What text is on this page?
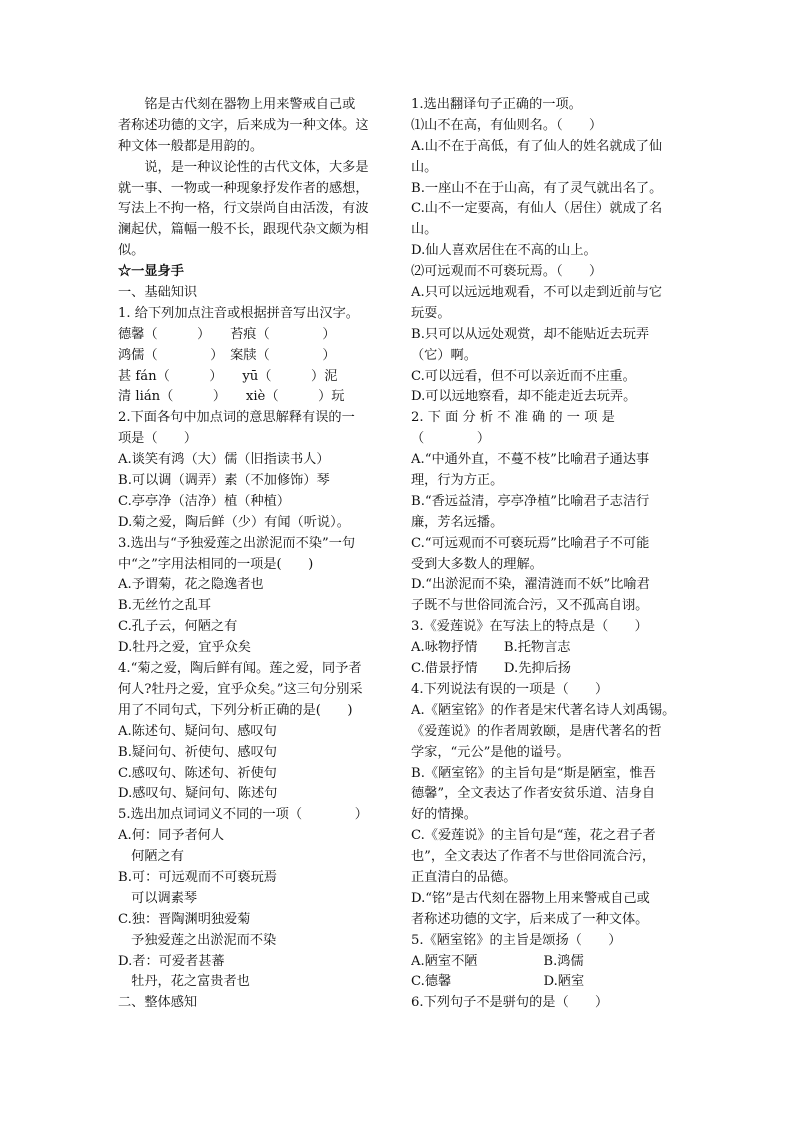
　　铭是古代刻在器物上用来警戒自己或
者称述功德的文字，后来成为一种文体。这
种文体一般都是用韵的。
　　说，是一种议论性的古代文体，大多是
就一事、一物或一种现象抒发作者的感想，
写法上不拘一格，行文崇尚自由活泼，有波
澜起伏，篇幅一般不长，跟现代杂文颇为相
似。
☆一显身手
一、基础知识
1. 给下列加点注音或根据拼音写出汉字。
德馨（　　　）　　苔痕（　　　　）
鸿儒（　　　　）　案牍（　　　　）
甚 fán（　　　）　　yū（　　　）泥
清 lián（　　　）　　xiè（　　　）玩
2.下面各句中加点词的意思解释有误的一
项是（　　）
A.谈笑有鸿（大）儒（旧指读书人）
B.可以调（调弄）素（不加修饰）琴
C.亭亭净（洁净）植（种植）
D.菊之爱，陶后鲜（少）有闻（听说）。
3.选出与“予独爱莲之出淤泥而不染”一句
中“之”字用法相同的一项是(　　)
A.予谓菊，花之隐逸者也
B.无丝竹之乱耳
C.孔子云，何陋之有
D.牡丹之爱，宜乎众矣
4.“菊之爱，陶后鲜有闻。莲之爱，同予者
何人?牡丹之爱，宜乎众矣。”这三句分别采
用了不同句式，下列分析正确的是(　　)
A.陈述句、疑问句、感叹句
B.疑问句、祈使句、感叹句
C.感叹句、陈述句、祈使句
D.感叹句、疑问句、陈述句
5.选出加点词词义不同的一项（　　　　）
A.何：同予者何人
　何陋之有
B.可：可远观而不可亵玩焉
　可以调素琴
C.独：晋陶渊明独爱菊
　予独爱莲之出淤泥而不染
D.者：可爱者甚蕃
　牡丹，花之富贵者也
二、整体感知
1.选出翻译句子正确的一项。
⑴山不在高，有仙则名。（　　）
A.山不在于高低，有了仙人的姓名就成了仙
山。
B.一座山不在于山高，有了灵气就出名了。
C.山不一定要高，有仙人（居住）就成了名
山。
D.仙人喜欢居住在不高的山上。
⑵可远观而不可亵玩焉。（　　）
A.只可以远远地观看，不可以走到近前与它
玩耍。
B.只可以从远处观赏，却不能贴近去玩弄
（它）啊。
C.可以远看，但不可以亲近而不庄重。
D.可以远地察看，却不能走近去玩弄。
2. 下 面 分 析 不 准 确 的 一 项 是
（　　　　）
A.“中通外直，不蔓不枝”比喻君子通达事
理，行为方正。
B.“香远益清，亭亭净植”比喻君子志洁行
廉，芳名远播。
C.“可远观而不可亵玩焉”比喻君子不可能
受到大多数人的理解。
D.“出淤泥而不染，濯清涟而不妖”比喻君
子既不与世俗同流合污，又不孤高自诩。
3.《爱莲说》在写法上的特点是（　　）
A.咏物抒情　　B.托物言志
C.借景抒情　　D.先抑后扬
4.下列说法有误的一项是（　　）
A.《陋室铭》的作者是宋代著名诗人刘禹锡。
《爱莲说》的作者周敦颐，是唐代著名的哲
学家，“元公”是他的谥号。
B.《陋室铭》的主旨句是“斯是陋室，惟吾
德馨”，全文表达了作者安贫乐道、洁身自
好的情操。
C.《爱莲说》的主旨句是“莲，花之君子者
也”，全文表达了作者不与世俗同流合污，
正直清白的品德。
D.“铭”是古代刻在器物上用来警戒自己或
者称述功德的文字，后来成了一种文体。
5.《陋室铭》的主旨是颂扬（　　）
A.陋室不陋　　　　　B.鸿儒
C.德馨　　　　　　　D.陋室
6.下列句子不是骈句的是（　　）
